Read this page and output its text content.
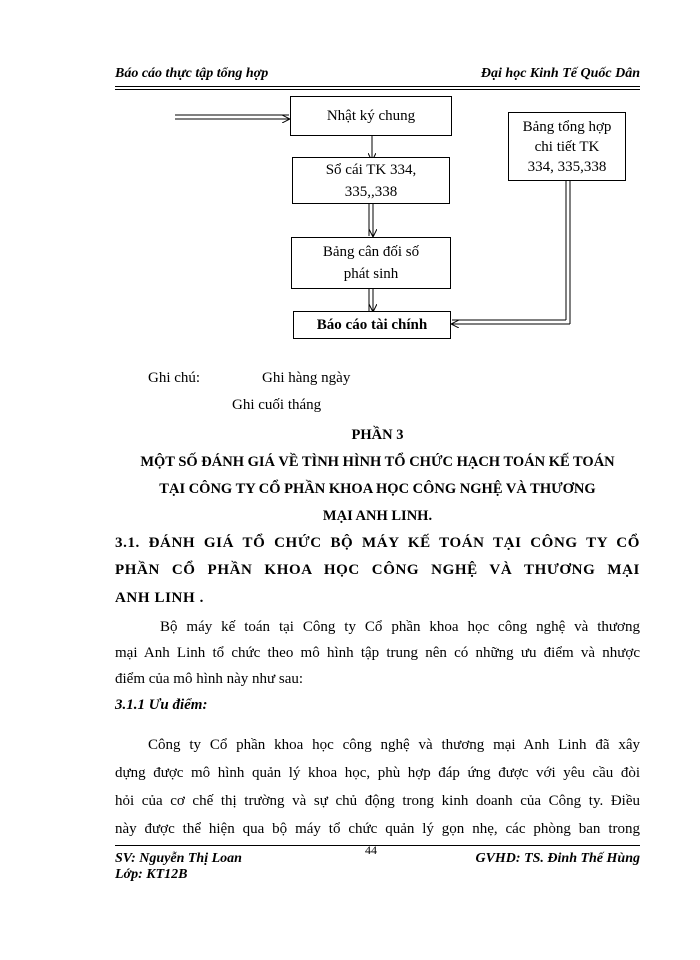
Báo cáo thực tập tổng hợp	Đại học Kinh Tế Quốc Dân
Nhật ký chung
Sổ cái TK 334,
335,,338
Bảng cân đối số
phát sinh
Báo cáo tài chính
Bảng tổng hợp
chi tiết TK
334, 335,338
Ghi chú:	Ghi hàng ngày
Ghi cuối tháng
PHẦN 3
MỘT SỐ ĐÁNH GIÁ VỀ TÌNH HÌNH TỔ CHỨC HẠCH TOÁN KẾ TOÁN
TẠI CÔNG TY CỔ PHẦN KHOA HỌC CÔNG NGHỆ VÀ THƯƠNG
MẠI ANH LINH.
3.1. ĐÁNH GIÁ TỔ CHỨC BỘ MÁY KẾ TOÁN TẠI CÔNG TY CỔ
PHẦN CỔ PHẦN KHOA HỌC CÔNG NGHỆ VÀ THƯƠNG MẠI
ANH LINH .
Bộ máy kế toán tại Công ty Cổ phần khoa học công nghệ và thương
mại Anh Linh tổ chức theo mô hình tập trung nên có những ưu điểm và nhược
điểm của mô hình này như sau:
3.1.1 Ưu điểm:
Công ty Cổ phần khoa học công nghệ và thương mại Anh Linh đã xây
dựng được mô hình quản lý khoa học, phù hợp đáp ứng được với yêu cầu đòi
hỏi của cơ chế thị trường và sự chủ động trong kinh doanh của Công ty. Điều
này được thể hiện qua bộ máy tổ chức quản lý gọn nhẹ, các phòng ban trong
44
SV: Nguyễn Thị Loan
Lớp: KT12B
GVHD: TS. Đinh Thế Hùng
